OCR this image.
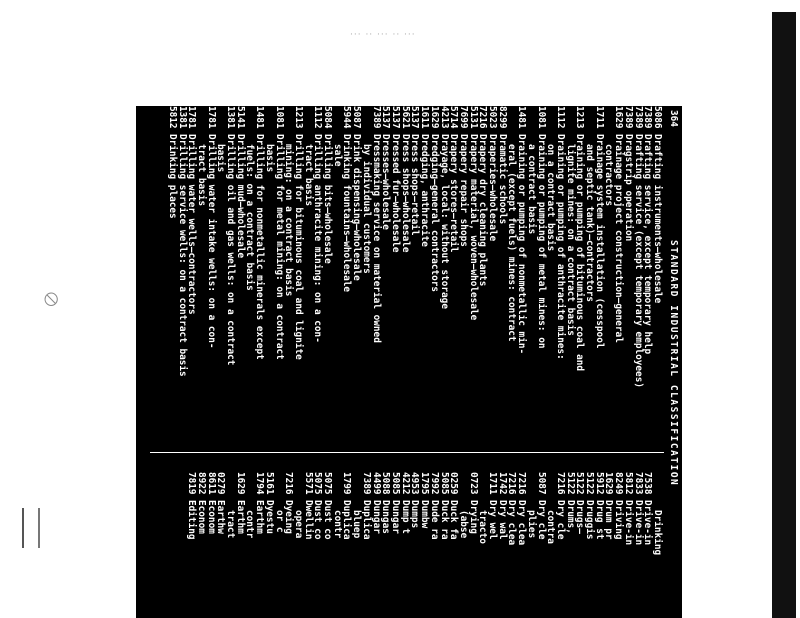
··· ·· ··· ·· ···
⦸
364
STANDARD INDUSTRIAL CLASSIFICATION
5086
Drafting instruments—wholesale
7389
Drafting service, except temporary help
7389
Drafting service (except temporary employees)
7389
Dragstrip operation
1629
Drainage project construction—general
contractors
1711
Drainage system installation (cesspool
and septic tank)—contractors
1213
Draining or pumping of bituminous coal and
lignite mines: on a contract basis
1112
Draining or pumping of anthracite mines:
on a contract basis
1081
Draining or pumping of metal mines: on
a contract basis
1481
Draining or pumping of nonmetallic min-
eral (except fuels) mines: contract
8299
Dramatic schools
5023
Draperies—wholesale
7216
Drapery dry cleaning plants
5131
Drapery material, woven—wholesale
7699
Drapery repair shops
5714
Drapery stores—retail
4213
Drayage, local: without storage
1629
Dredging—general contractors
1611
Dredging, anthracite
5137
Dress shops—retail
5621
Dress shops—wholesale
5137
Dressed fur—wholesale
5137
Dresses—wholesale
7389
Dressmaking service on material owned
by individual customers
5087
Drink dispensing—wholesale
5944
Drinking fountains—wholesale
sale
5084
Drilling bits—wholesale
1112
Drilling anthracite mining: on a con-
tract basis
1213
Drilling for bituminous coal and lignite
mining: on a contract basis
1081
Drilling for metal mining: on a contract
basis
1481
Drilling for nonmetallic minerals except
fuels: on a contract basis
5141
Drilling mud—wholesale
1381
Drilling oil and gas wells: on a contract
basis
1781
Drilling water intake wells: on a con-
tract basis
1781
Drilling water wells—contractors
1381
Drilling service wells: on a contract basis
5812
Drinking places
Drinking
7538
Drive-in
7833
Drive-in
5812
Drive-in
8249
Driving
1629
Drum pr
5912
Drug st
5122
Druggis
5122
Drugs—
5122
Drums,
7216
Dry cle
contra
5087
Dry cle
plies
7216
Dry clea
7216
Dry clea
1742
Dry wal
1711
Dry wel
tracto
0723
Drying
(abse
0259
Duck fa
5085
Duck ra
7992
Dude ra
1795
Dumbw
4953
Dumps
4212
Dump t
5085
Dungar
5088
Dungas
4499
Dungar
7389
Duplica
bluep
1799
Duplica
contr
5075
Dust co
5075
Dust co
5571
Dwellin
opera
7216
Dyeing
or c
5161
Dyestu
1794
Earthm
contr
1629
Earthm
tract
0279
Earthw
8611
Econom
8922
Econom
7819
Editing
